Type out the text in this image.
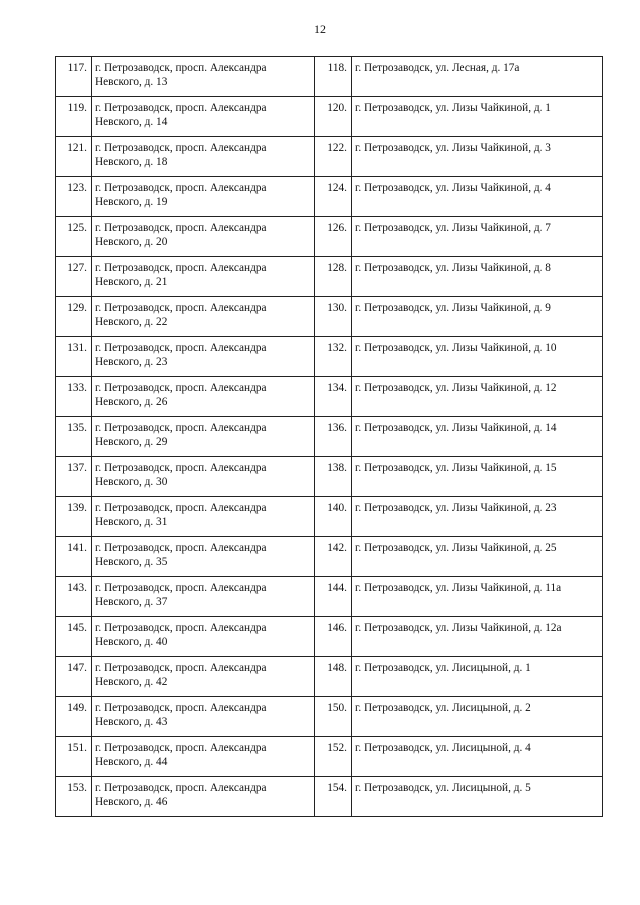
12
117.	г. Петрозаводск, просп. Александра Невского, д. 13	118.	г. Петрозаводск, ул. Лесная, д. 17а
119.	г. Петрозаводск, просп. Александра Невского, д. 14	120.	г. Петрозаводск, ул. Лизы Чайкиной, д. 1
121.	г. Петрозаводск, просп. Александра Невского, д. 18	122.	г. Петрозаводск, ул. Лизы Чайкиной, д. 3
123.	г. Петрозаводск, просп. Александра Невского, д. 19	124.	г. Петрозаводск, ул. Лизы Чайкиной, д. 4
125.	г. Петрозаводск, просп. Александра Невского, д. 20	126.	г. Петрозаводск, ул. Лизы Чайкиной, д. 7
127.	г. Петрозаводск, просп. Александра Невского, д. 21	128.	г. Петрозаводск, ул. Лизы Чайкиной, д. 8
129.	г. Петрозаводск, просп. Александра Невского, д. 22	130.	г. Петрозаводск, ул. Лизы Чайкиной, д. 9
131.	г. Петрозаводск, просп. Александра Невского, д. 23	132.	г. Петрозаводск, ул. Лизы Чайкиной, д. 10
133.	г. Петрозаводск, просп. Александра Невского, д. 26	134.	г. Петрозаводск, ул. Лизы Чайкиной, д. 12
135.	г. Петрозаводск, просп. Александра Невского, д. 29	136.	г. Петрозаводск, ул. Лизы Чайкиной, д. 14
137.	г. Петрозаводск, просп. Александра Невского, д. 30	138.	г. Петрозаводск, ул. Лизы Чайкиной, д. 15
139.	г. Петрозаводск, просп. Александра Невского, д. 31	140.	г. Петрозаводск, ул. Лизы Чайкиной, д. 23
141.	г. Петрозаводск, просп. Александра Невского, д. 35	142.	г. Петрозаводск, ул. Лизы Чайкиной, д. 25
143.	г. Петрозаводск, просп. Александра Невского, д. 37	144.	г. Петрозаводск, ул. Лизы Чайкиной, д. 11а
145.	г. Петрозаводск, просп. Александра Невского, д. 40	146.	г. Петрозаводск, ул. Лизы Чайкиной, д. 12а
147.	г. Петрозаводск, просп. Александра Невского, д. 42	148.	г. Петрозаводск, ул. Лисицыной, д. 1
149.	г. Петрозаводск, просп. Александра Невского, д. 43	150.	г. Петрозаводск, ул. Лисицыной, д. 2
151.	г. Петрозаводск, просп. Александра Невского, д. 44	152.	г. Петрозаводск, ул. Лисицыной, д. 4
153.	г. Петрозаводск, просп. Александра Невского, д. 46	154.	г. Петрозаводск, ул. Лисицыной, д. 5
